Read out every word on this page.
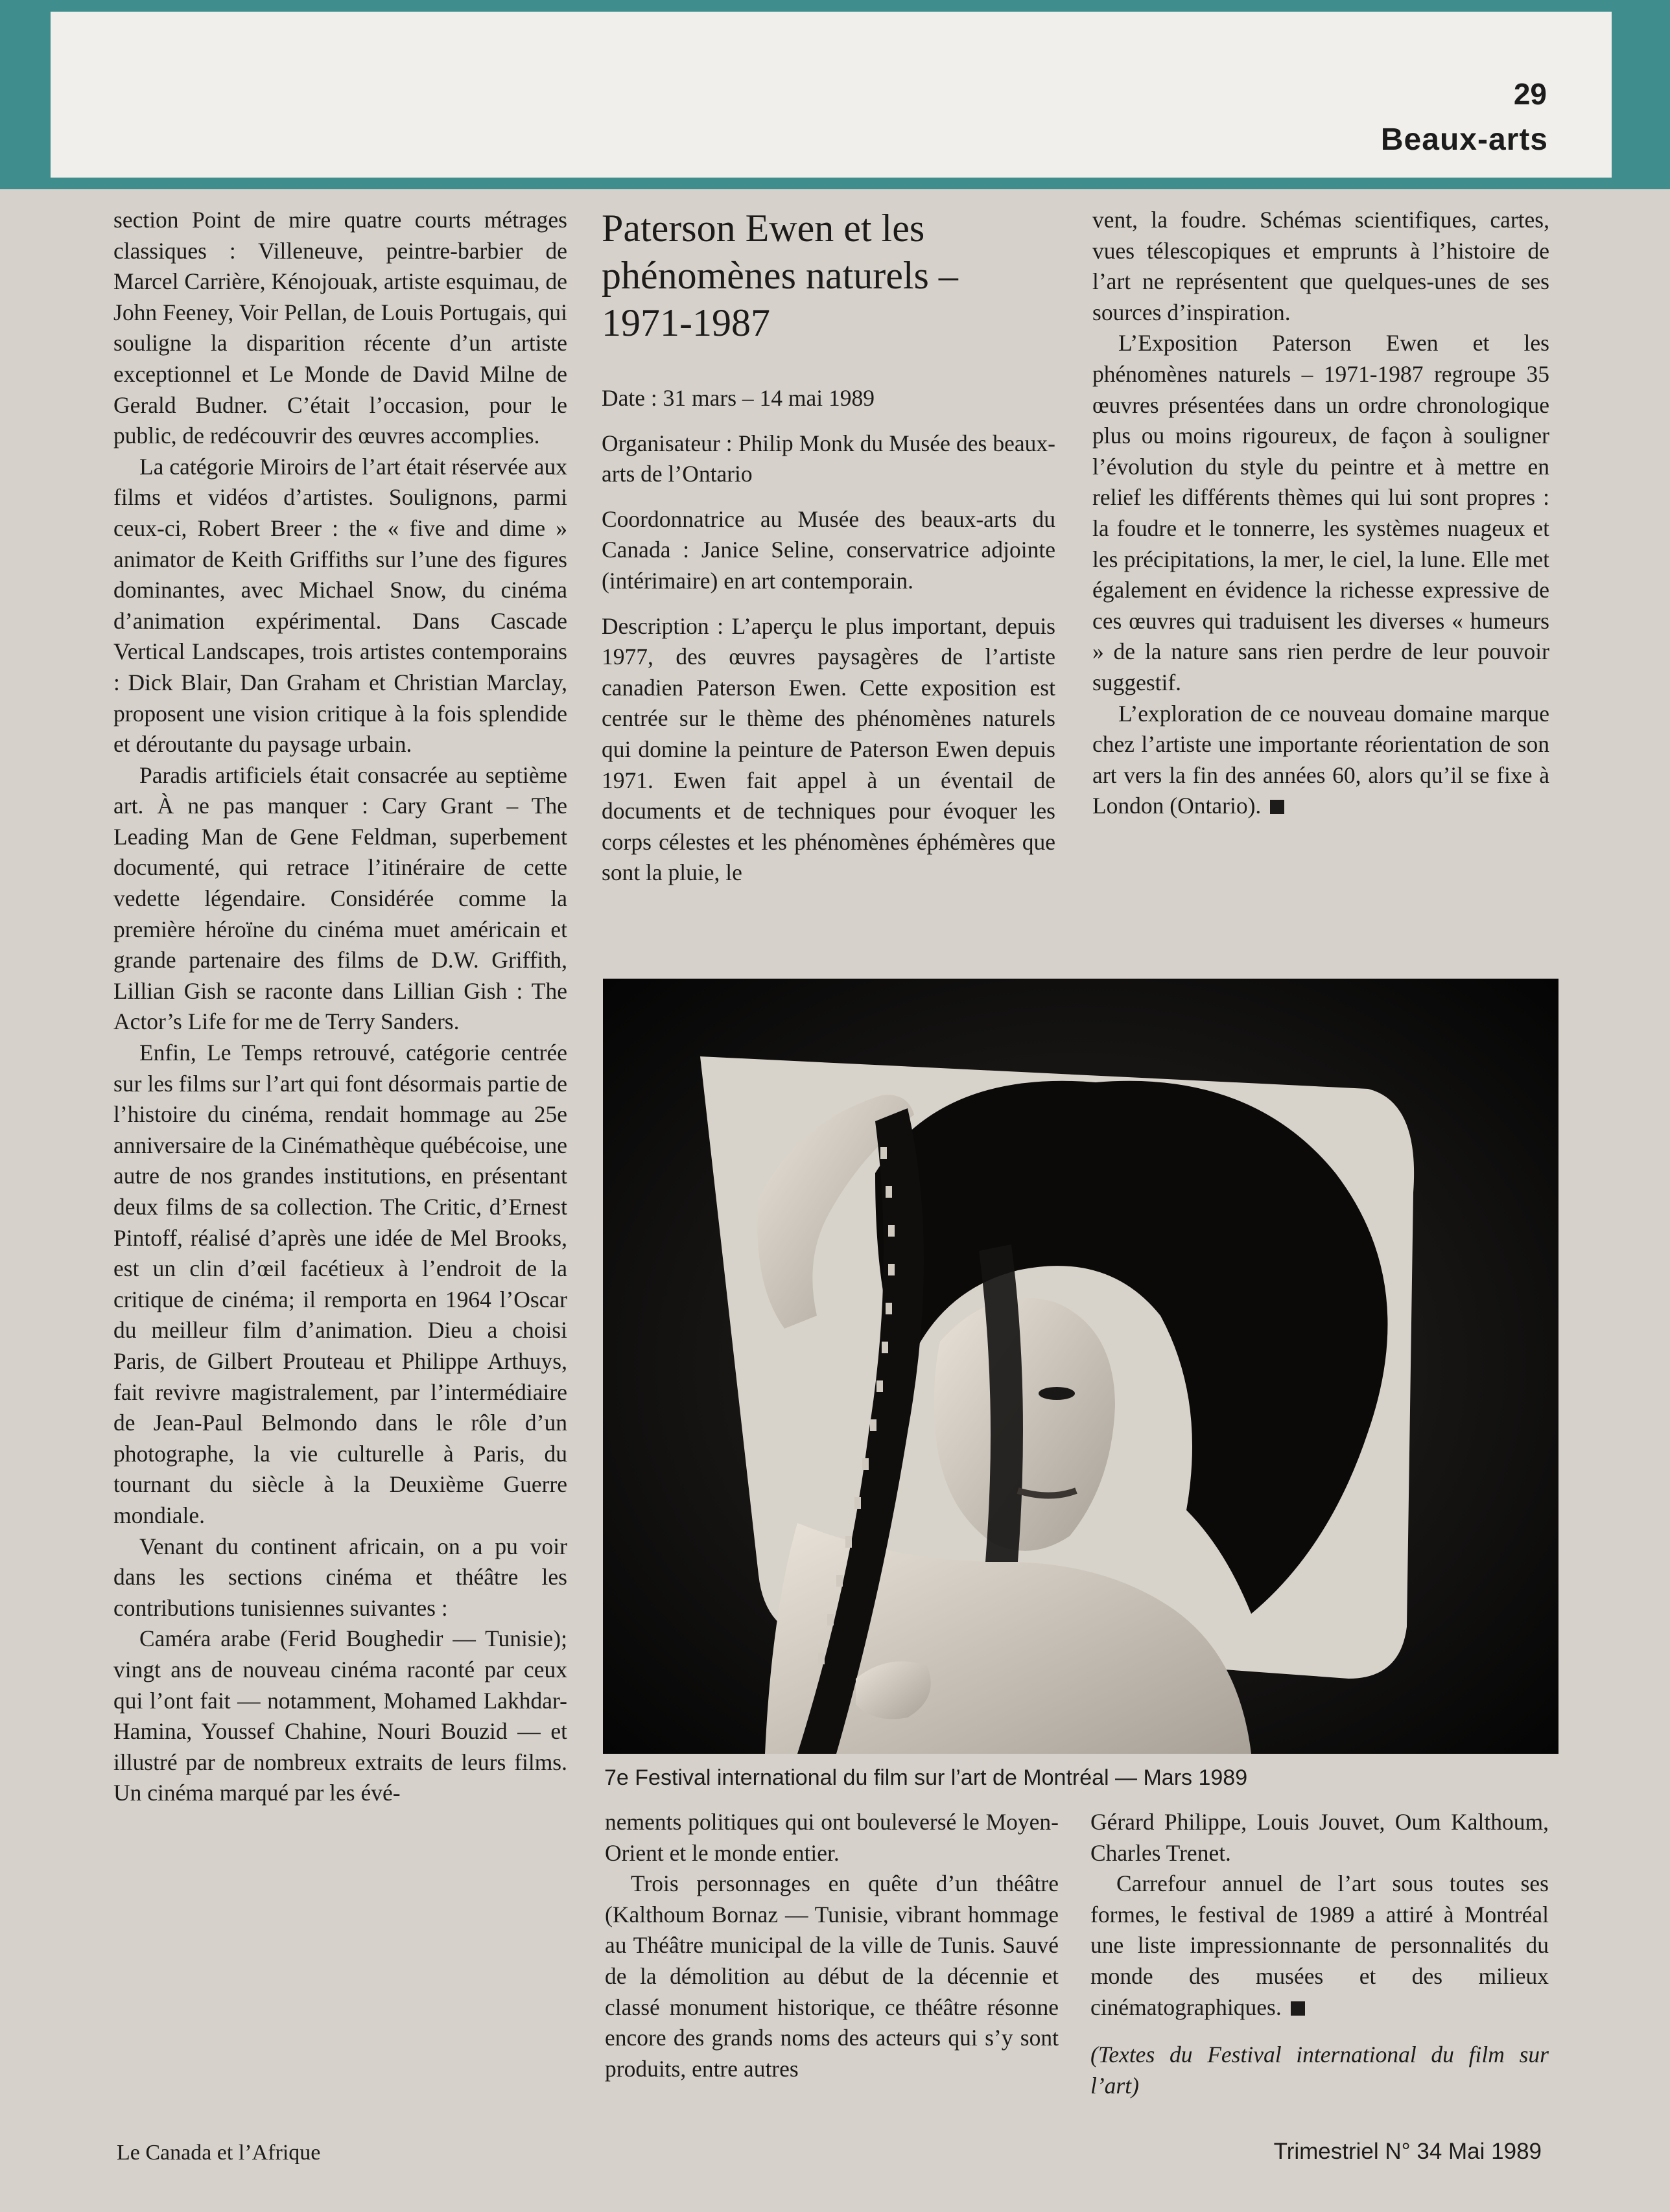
29
Beaux-arts

section Point de mire quatre courts métrages classiques : Villeneuve, peintre-barbier de Marcel Carrière, Kénojouak, artiste esquimau, de John Feeney, Voir Pellan, de Louis Portugais, qui souligne la disparition récente d’un artiste exceptionnel et Le Monde de David Milne de Gerald Budner. C’était l’occasion, pour le public, de redécouvrir des œuvres accomplies.

La catégorie Miroirs de l’art était réservée aux films et vidéos d’artistes. Soulignons, parmi ceux-ci, Robert Breer : the « five and dime » animator de Keith Griffiths sur l’une des figures dominantes, avec Michael Snow, du cinéma d’animation expérimental. Dans Cascade Vertical Landscapes, trois artistes contemporains : Dick Blair, Dan Graham et Christian Marclay, proposent une vision critique à la fois splendide et déroutante du paysage urbain.

Paradis artificiels était consacrée au septième art. À ne pas manquer : Cary Grant – The Leading Man de Gene Feldman, superbement documenté, qui retrace l’itinéraire de cette vedette légendaire. Considérée comme la première héroïne du cinéma muet américain et grande partenaire des films de D.W. Griffith, Lillian Gish se raconte dans Lillian Gish : The Actor’s Life for me de Terry Sanders.

Enfin, Le Temps retrouvé, catégorie centrée sur les films sur l’art qui font désormais partie de l’histoire du cinéma, rendait hommage au 25e anniversaire de la Cinémathèque québécoise, une autre de nos grandes institutions, en présentant deux films de sa collection. The Critic, d’Ernest Pintoff, réalisé d’après une idée de Mel Brooks, est un clin d’œil facétieux à l’endroit de la critique de cinéma; il remporta en 1964 l’Oscar du meilleur film d’animation. Dieu a choisi Paris, de Gilbert Prouteau et Philippe Arthuys, fait revivre magistralement, par l’intermédiaire de Jean-Paul Belmondo dans le rôle d’un photographe, la vie culturelle à Paris, du tournant du siècle à la Deuxième Guerre mondiale.

Venant du continent africain, on a pu voir dans les sections cinéma et théâtre les contributions tunisiennes suivantes :

Caméra arabe (Ferid Boughedir — Tunisie); vingt ans de nouveau cinéma raconté par ceux qui l’ont fait — notamment, Mohamed Lakhdar-Hamina, Youssef Chahine, Nouri Bouzid — et illustré par de nombreux extraits de leurs films. Un cinéma marqué par les évé-

Paterson Ewen et les phénomènes naturels – 1971-1987

Date : 31 mars – 14 mai 1989

Organisateur : Philip Monk du Musée des beaux-arts de l’Ontario

Coordonnatrice au Musée des beaux-arts du Canada : Janice Seline, conservatrice adjointe (intérimaire) en art contemporain.

Description : L’aperçu le plus important, depuis 1977, des œuvres paysagères de l’artiste canadien Paterson Ewen. Cette exposition est centrée sur le thème des phénomènes naturels qui domine la peinture de Paterson Ewen depuis 1971. Ewen fait appel à un éventail de documents et de techniques pour évoquer les corps célestes et les phénomènes éphémères que sont la pluie, le

vent, la foudre. Schémas scientifiques, cartes, vues télescopiques et emprunts à l’histoire de l’art ne représentent que quelques-unes de ses sources d’inspiration.

L’Exposition Paterson Ewen et les phénomènes naturels – 1971-1987 regroupe 35 œuvres présentées dans un ordre chronologique plus ou moins rigoureux, de façon à souligner l’évolution du style du peintre et à mettre en relief les différents thèmes qui lui sont propres : la foudre et le tonnerre, les systèmes nuageux et les précipitations, la mer, le ciel, la lune. Elle met également en évidence la richesse expressive de ces œuvres qui traduisent les diverses « humeurs » de la nature sans rien perdre de leur pouvoir suggestif.

L’exploration de ce nouveau domaine marque chez l’artiste une importante réorientation de son art vers la fin des années 60, alors qu’il se fixe à London (Ontario).

7e Festival international du film sur l’art de Montréal — Mars 1989

nements politiques qui ont bouleversé le Moyen-Orient et le monde entier.

Trois personnages en quête d’un théâtre (Kalthoum Bornaz — Tunisie, vibrant hommage au Théâtre municipal de la ville de Tunis. Sauvé de la démolition au début de la décennie et classé monument historique, ce théâtre résonne encore des grands noms des acteurs qui s’y sont produits, entre autres

Gérard Philippe, Louis Jouvet, Oum Kalthoum, Charles Trenet.

Carrefour annuel de l’art sous toutes ses formes, le festival de 1989 a attiré à Montréal une liste impressionnante de personnalités du monde des musées et des milieux cinématographiques.

(Textes du Festival international du film sur l’art)

Le Canada et l’Afrique	Trimestriel N° 34 Mai 1989
